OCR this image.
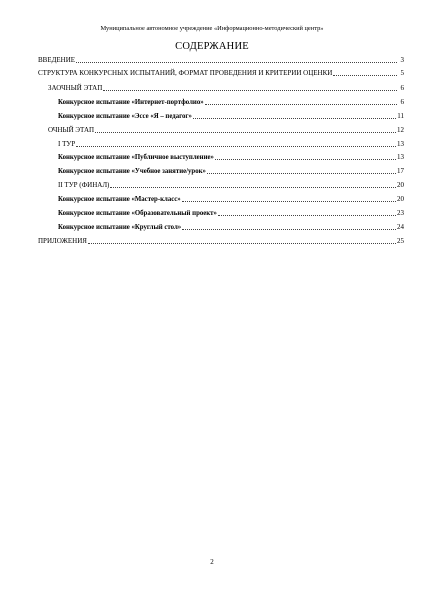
Муниципальное автономное учреждение «Информационно-методический центр»
СОДЕРЖАНИЕ
ВВЕДЕНИЕ	3
СТРУКТУРА КОНКУРСНЫХ ИСПЫТАНИЙ, ФОРМАТ ПРОВЕДЕНИЯ И КРИТЕРИИ ОЦЕНКИ	5
ЗАОЧНЫЙ ЭТАП	6
Конкурсное испытание «Интернет-портфолио»	6
Конкурсное испытание «Эссе «Я – педагог»	11
ОЧНЫЙ ЭТАП	12
I ТУР	13
Конкурсное испытание «Публичное выступление»	13
Конкурсное испытание «Учебное занятие/урок»	17
II ТУР (ФИНАЛ)	20
Конкурсное испытание «Мастер-класс»	20
Конкурсное испытание «Образовательный проект»	23
Конкурсное испытание «Круглый стол»	24
ПРИЛОЖЕНИЯ	25
2
